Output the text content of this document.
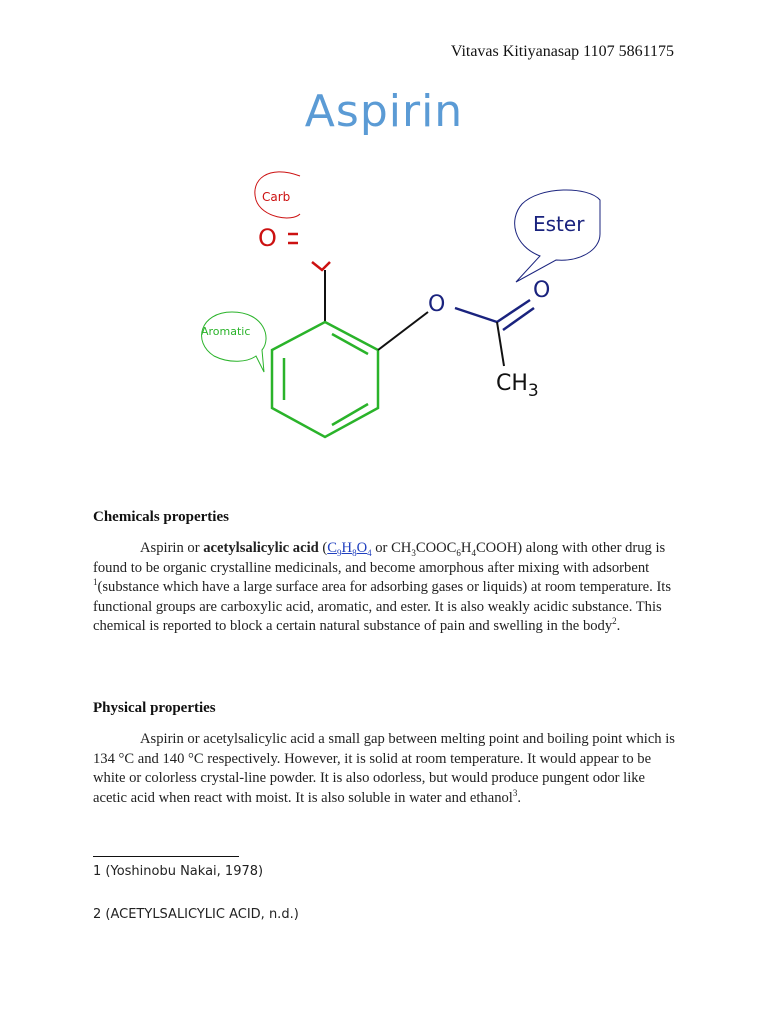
Vitavas Kitiyanasap 1107 5861175
Aspirin
Carb
O
Aromatic
O
O
$CH_3$
Ester
Chemicals properties

Aspirin or acetylsalicylic acid ($C_9H_8O_4$ or $CH_3COOC_6H_4COOH$) along with other drug is found to be organic crystalline medicinals, and become amorphous after mixing with adsorbent $^1$(substance which have a large surface area for adsorbing gases or liquids) at room temperature. Its functional groups are carboxylic acid, aromatic, and ester. It is also weakly acidic substance. This chemical is reported to block a certain natural substance of pain and swelling in the body$^2$.

Physical properties

Aspirin or acetylsalicylic acid a small gap between melting point and boiling point which is 134 °C and 140 °C respectively. However, it is solid at room temperature. It would appear to be white or colorless crystal-line powder. It is also odorless, but would produce pungent odor like acetic acid when react with moist. It is also soluble in water and ethanol$^3$.

1 (Yoshinobu Nakai, 1978)
2 (ACETYLSALICYLIC ACID, n.d.)
